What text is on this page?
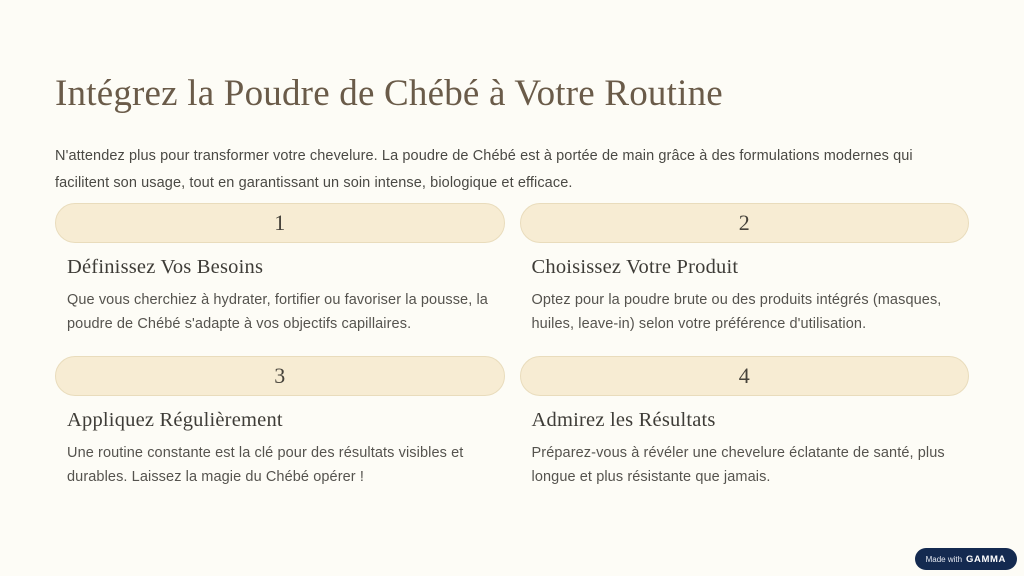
Intégrez la Poudre de Chébé à Votre Routine

N'attendez plus pour transformer votre chevelure. La poudre de Chébé est à portée de main grâce à des formulations modernes qui facilitent son usage, tout en garantissant un soin intense, biologique et efficace.

1
Définissez Vos Besoins

Que vous cherchiez à hydrater, fortifier ou favoriser la pousse, la poudre de Chébé s'adapte à vos objectifs capillaires.

2
Choisissez Votre Produit

Optez pour la poudre brute ou des produits intégrés (masques, huiles, leave-in) selon votre préférence d'utilisation.

3
Appliquez Régulièrement

Une routine constante est la clé pour des résultats visibles et durables. Laissez la magie du Chébé opérer !

4
Admirez les Résultats

Préparez-vous à révéler une chevelure éclatante de santé, plus longue et plus résistante que jamais.

Made with GAMMA
